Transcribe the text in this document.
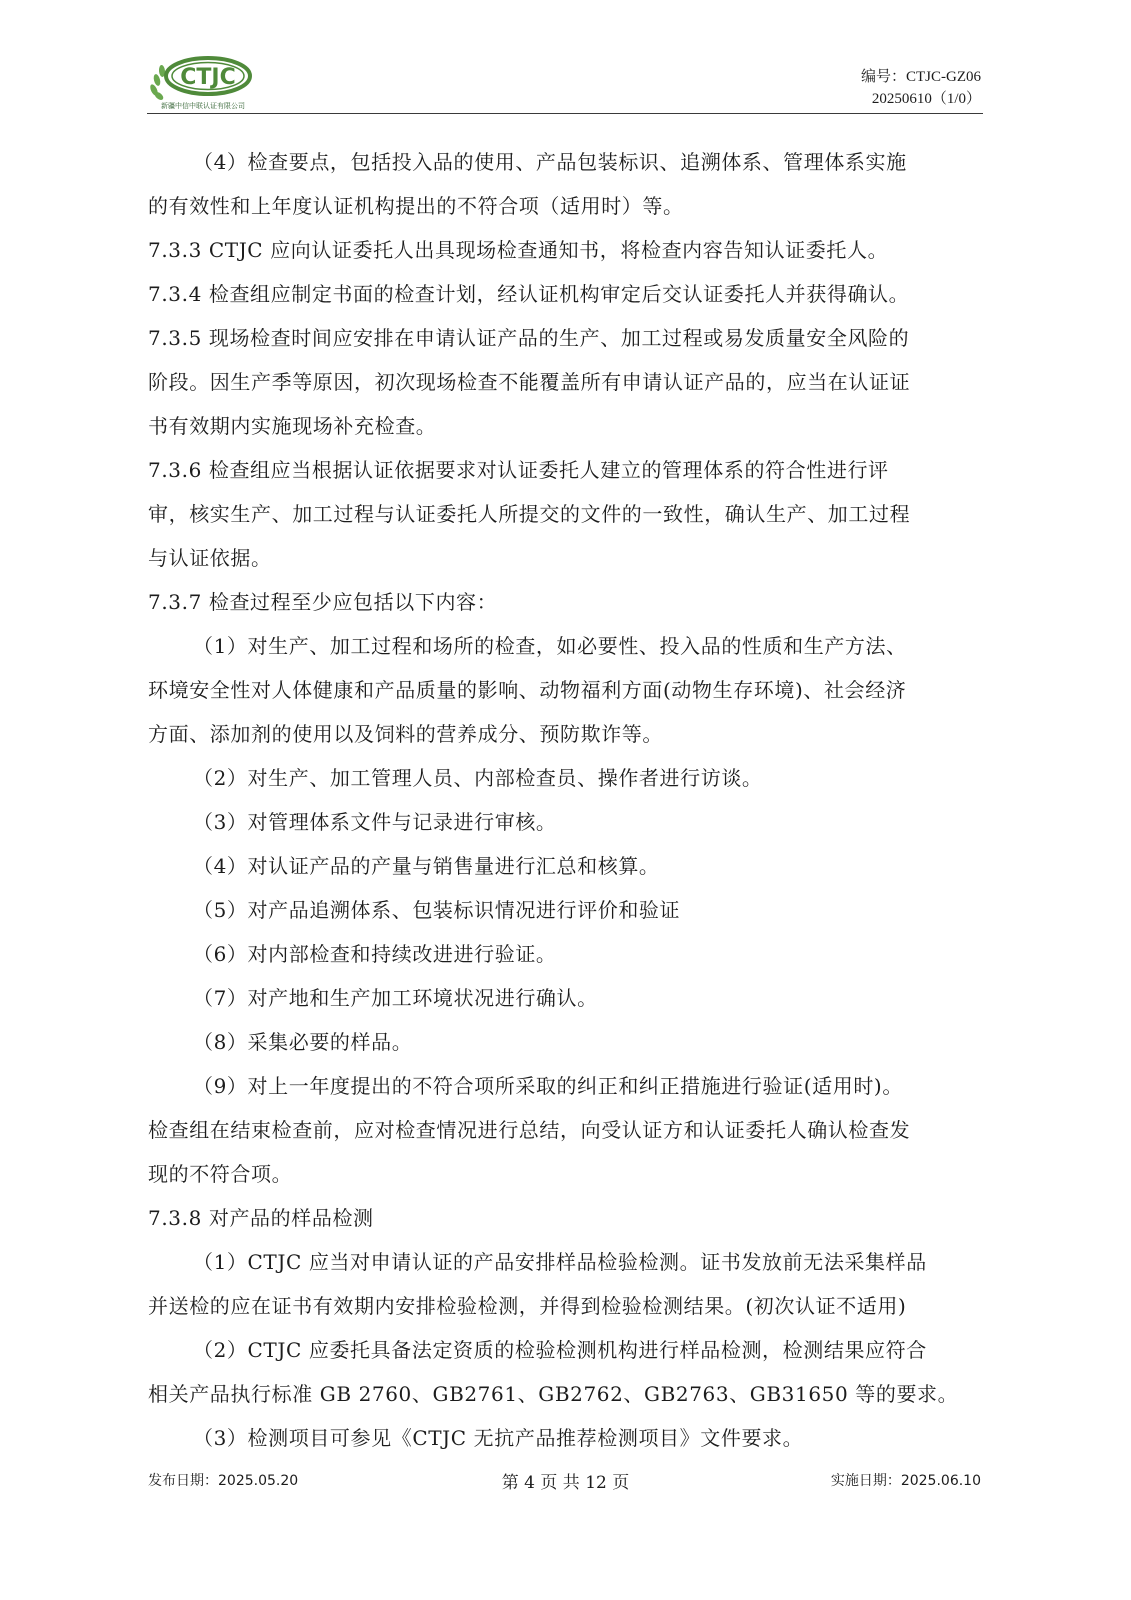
CTJC
新疆中信中联认证有限公司
编号：CTJC-GZ06
20250610（1/0）

（4）检查要点，包括投入品的使用、产品包装标识、追溯体系、管理体系实施

的有效性和上年度认证机构提出的不符合项（适用时）等。

7.3.3 CTJC 应向认证委托人出具现场检查通知书，将检查内容告知认证委托人。

7.3.4 检查组应制定书面的检查计划，经认证机构审定后交认证委托人并获得确认。

7.3.5 现场检查时间应安排在申请认证产品的生产、加工过程或易发质量安全风险的

阶段。因生产季等原因，初次现场检查不能覆盖所有申请认证产品的，应当在认证证

书有效期内实施现场补充检查。

7.3.6 检查组应当根据认证依据要求对认证委托人建立的管理体系的符合性进行评

审，核实生产、加工过程与认证委托人所提交的文件的一致性，确认生产、加工过程

与认证依据。

7.3.7 检查过程至少应包括以下内容：

（1）对生产、加工过程和场所的检查，如必要性、投入品的性质和生产方法、

环境安全性对人体健康和产品质量的影响、动物福利方面(动物生存环境)、社会经济

方面、添加剂的使用以及饲料的营养成分、预防欺诈等。

（2）对生产、加工管理人员、内部检查员、操作者进行访谈。

（3）对管理体系文件与记录进行审核。

（4）对认证产品的产量与销售量进行汇总和核算。

（5）对产品追溯体系、包装标识情况进行评价和验证

（6）对内部检查和持续改进进行验证。

（7）对产地和生产加工环境状况进行确认。

（8）采集必要的样品。

（9）对上一年度提出的不符合项所采取的纠正和纠正措施进行验证(适用时)。

检查组在结束检查前，应对检查情况进行总结，向受认证方和认证委托人确认检查发

现的不符合项。

7.3.8 对产品的样品检测

（1）CTJC 应当对申请认证的产品安排样品检验检测。证书发放前无法采集样品

并送检的应在证书有效期内安排检验检测，并得到检验检测结果。(初次认证不适用)

（2）CTJC 应委托具备法定资质的检验检测机构进行样品检测，检测结果应符合

相关产品执行标准 GB 2760、GB2761、GB2762、GB2763、GB31650 等的要求。

（3）检测项目可参见《CTJC 无抗产品推荐检测项目》文件要求。

发布日期：2025.05.20	第 4 页 共 12 页	实施日期：2025.06.10
